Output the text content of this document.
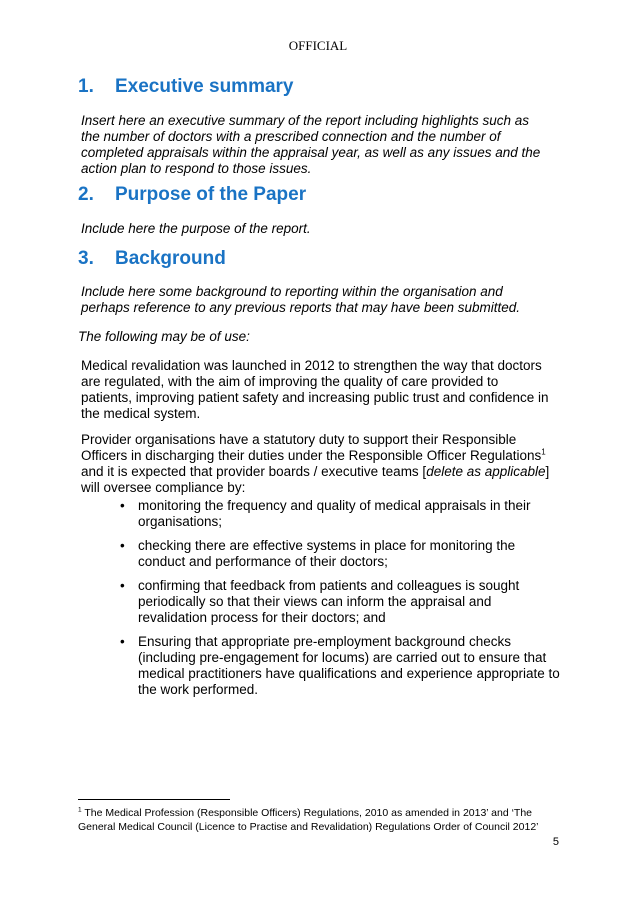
OFFICIAL
1. Executive summary
Insert here an executive summary of the report including highlights such as the number of doctors with a prescribed connection and the number of completed appraisals within the appraisal year, as well as any issues and the action plan to respond to those issues.
2. Purpose of the Paper
Include here the purpose of the report.
3. Background
Include here some background to reporting within the organisation and perhaps reference to any previous reports that may have been submitted.
The following may be of use:
Medical revalidation was launched in 2012 to strengthen the way that doctors are regulated, with the aim of improving the quality of care provided to patients, improving patient safety and increasing public trust and confidence in the medical system.
Provider organisations have a statutory duty to support their Responsible Officers in discharging their duties under the Responsible Officer Regulations$^1$ and it is expected that provider boards / executive teams [delete as applicable] will oversee compliance by:
• monitoring the frequency and quality of medical appraisals in their organisations;
• checking there are effective systems in place for monitoring the conduct and performance of their doctors;
• confirming that feedback from patients and colleagues is sought periodically so that their views can inform the appraisal and revalidation process for their doctors; and
• Ensuring that appropriate pre-employment background checks (including pre-engagement for locums) are carried out to ensure that medical practitioners have qualifications and experience appropriate to the work performed.
$^1$ The Medical Profession (Responsible Officers) Regulations, 2010 as amended in 2013’ and ‘The General Medical Council (Licence to Practise and Revalidation) Regulations Order of Council 2012’
5
